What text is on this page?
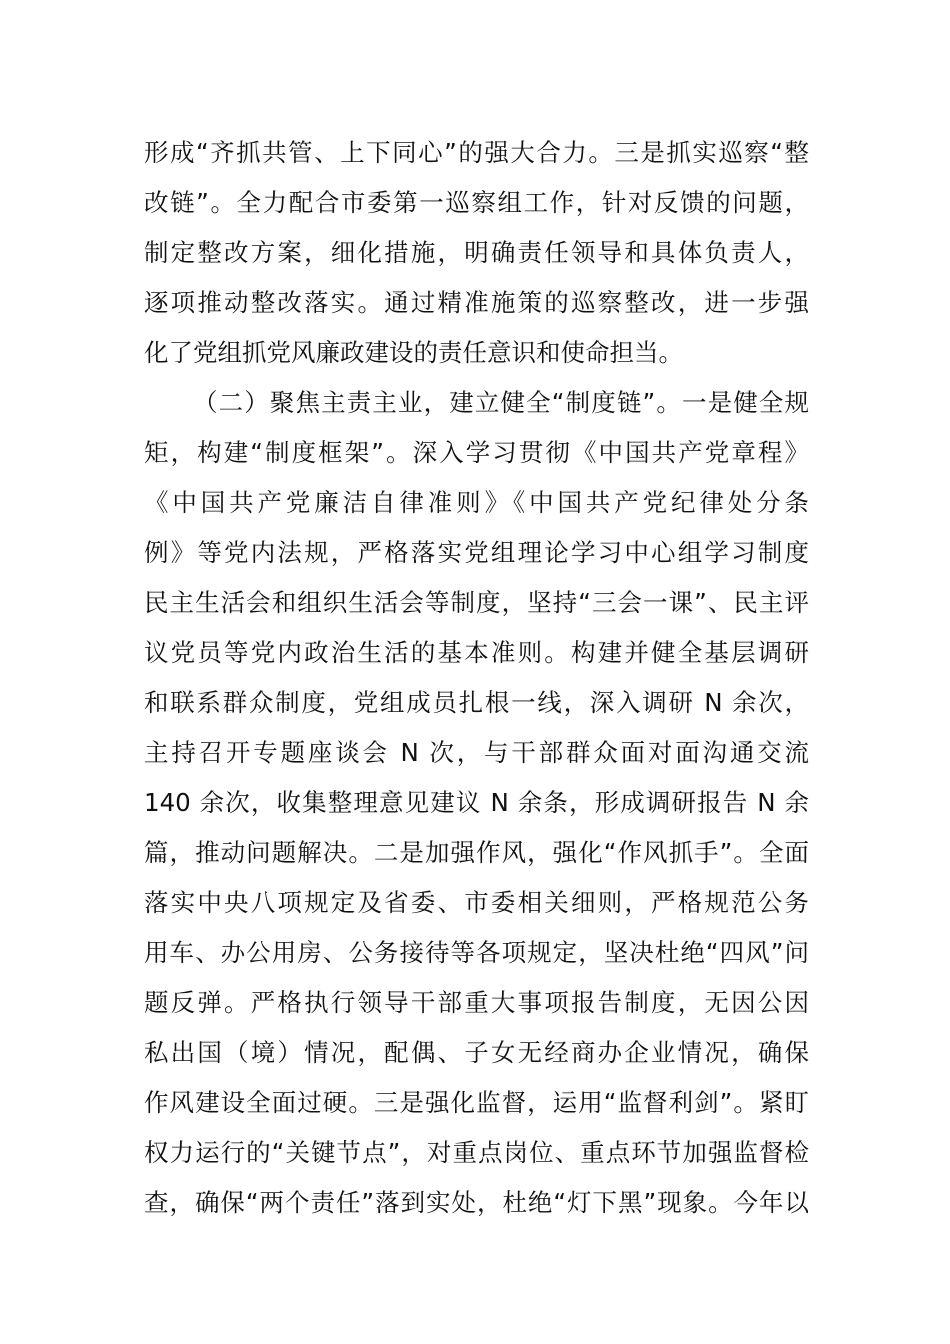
形成“齐抓共管、上下同心”的强大合力。三是抓实巡察“整
改链”。全力配合市委第一巡察组工作，针对反馈的问题，
制定整改方案，细化措施，明确责任领导和具体负责人，
逐项推动整改落实。通过精准施策的巡察整改，进一步强
化了党组抓党风廉政建设的责任意识和使命担当。
（二）聚焦主责主业，建立健全“制度链”。一是健全规
矩，构建“制度框架”。深入学习贯彻《中国共产党章程》
《中国共产党廉洁自律准则》《中国共产党纪律处分条
例》等党内法规，严格落实党组理论学习中心组学习制度
民主生活会和组织生活会等制度，坚持“三会一课”、民主评
议党员等党内政治生活的基本准则。构建并健全基层调研
和联系群众制度，党组成员扎根一线，深入调研 N 余次，
主持召开专题座谈会 N 次，与干部群众面对面沟通交流
140 余次，收集整理意见建议 N 余条，形成调研报告 N 余
篇，推动问题解决。二是加强作风，强化“作风抓手”。全面
落实中央八项规定及省委、市委相关细则，严格规范公务
用车、办公用房、公务接待等各项规定，坚决杜绝“四风”问
题反弹。严格执行领导干部重大事项报告制度，无因公因
私出国（境）情况，配偶、子女无经商办企业情况，确保
作风建设全面过硬。三是强化监督，运用“监督利剑”。紧盯
权力运行的“关键节点”，对重点岗位、重点环节加强监督检
查，确保“两个责任”落到实处，杜绝“灯下黑”现象。今年以
